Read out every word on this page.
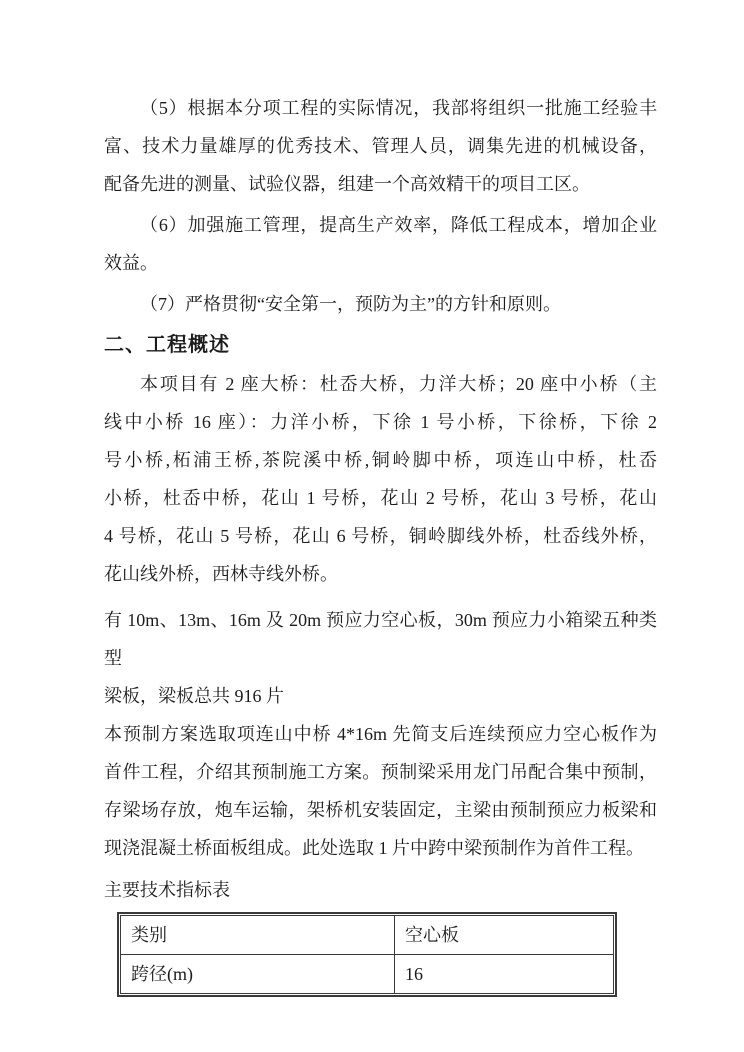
（5）根据本分项工程的实际情况，我部将组织一批施工经验丰
富、技术力量雄厚的优秀技术、管理人员，调集先进的机械设备，
配备先进的测量、试验仪器，组建一个高效精干的项目工区。
（6）加强施工管理，提高生产效率，降低工程成本，增加企业
效益。
（7）严格贯彻“安全第一，预防为主”的方针和原则。
二、工程概述
本项目有 2 座大桥：杜岙大桥，力洋大桥；20 座中小桥（主
线中小桥 16 座）：力洋小桥，下徐 1 号小桥，下徐桥，下徐 2
号小桥,柘浦王桥,茶院溪中桥,铜岭脚中桥，项连山中桥，杜岙
小桥，杜岙中桥，花山 1 号桥，花山 2 号桥，花山 3 号桥，花山
4 号桥，花山 5 号桥，花山 6 号桥，铜岭脚线外桥，杜岙线外桥，
花山线外桥，西林寺线外桥。
有 10m、13m、16m 及 20m 预应力空心板，30m 预应力小箱梁五种类型
梁板，梁板总共 916 片
本预制方案选取项连山中桥 4*16m 先简支后连续预应力空心板作为
首件工程，介绍其预制施工方案。预制梁采用龙门吊配合集中预制，
存梁场存放，炮车运输，架桥机安装固定，主梁由预制预应力板梁和
现浇混凝土桥面板组成。此处选取 1 片中跨中梁预制作为首件工程。
主要技术指标表
类别	空心板
跨径(m)	16
